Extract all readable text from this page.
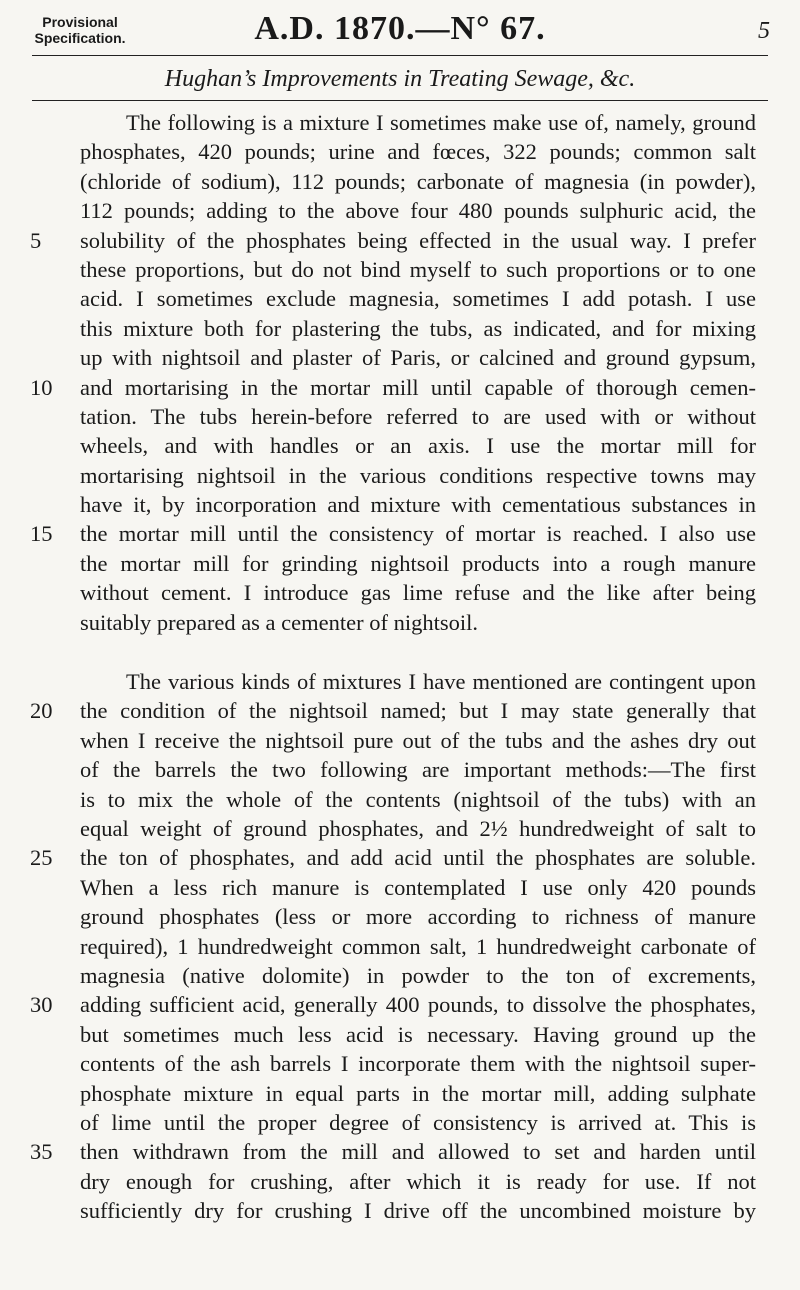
Provisional
Specification.	A.D. 1870.—N° 67.	5
Hughan’s Improvements in Treating Sewage, &c.
The following is a mixture I sometimes make use of, namely, ground
phosphates, 420 pounds; urine and fœces, 322 pounds; common salt
(chloride of sodium), 112 pounds; carbonate of magnesia (in powder),
112 pounds; adding to the above four 480 pounds sulphuric acid, the
5	solubility of the phosphates being effected in the usual way. I prefer
these proportions, but do not bind myself to such proportions or to one
acid. I sometimes exclude magnesia, sometimes I add potash. I use
this mixture both for plastering the tubs, as indicated, and for mixing
up with nightsoil and plaster of Paris, or calcined and ground gypsum,
10	and mortarising in the mortar mill until capable of thorough cemen-
tation. The tubs herein-before referred to are used with or without
wheels, and with handles or an axis. I use the mortar mill for
mortarising nightsoil in the various conditions respective towns may
have it, by incorporation and mixture with cementatious substances in
15	the mortar mill until the consistency of mortar is reached. I also use
the mortar mill for grinding nightsoil products into a rough manure
without cement. I introduce gas lime refuse and the like after being
suitably prepared as a cementer of nightsoil.
The various kinds of mixtures I have mentioned are contingent upon
20	the condition of the nightsoil named; but I may state generally that
when I receive the nightsoil pure out of the tubs and the ashes dry out
of the barrels the two following are important methods:—The first
is to mix the whole of the contents (nightsoil of the tubs) with an
equal weight of ground phosphates, and 2½ hundredweight of salt to
25	the ton of phosphates, and add acid until the phosphates are soluble.
When a less rich manure is contemplated I use only 420 pounds
ground phosphates (less or more according to richness of manure
required), 1 hundredweight common salt, 1 hundredweight carbonate of
magnesia (native dolomite) in powder to the ton of excrements,
30	adding sufficient acid, generally 400 pounds, to dissolve the phosphates,
but sometimes much less acid is necessary. Having ground up the
contents of the ash barrels I incorporate them with the nightsoil super-
phosphate mixture in equal parts in the mortar mill, adding sulphate
of lime until the proper degree of consistency is arrived at. This is
35	then withdrawn from the mill and allowed to set and harden until
dry enough for crushing, after which it is ready for use. If not
sufficiently dry for crushing I drive off the uncombined moisture by
